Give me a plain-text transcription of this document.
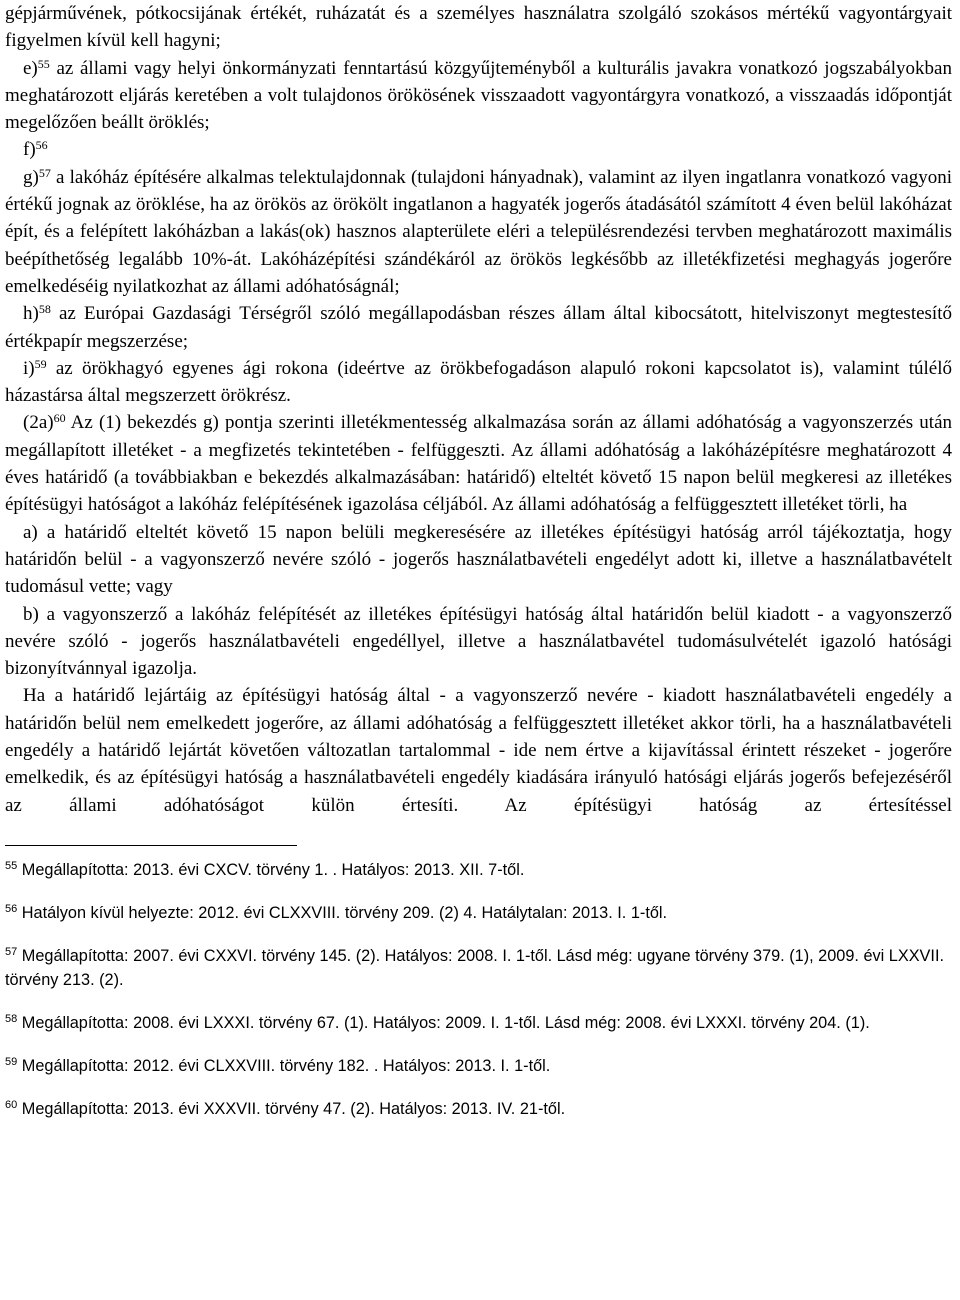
gépjárművének, pótkocsijának értékét, ruházatát és a személyes használatra szolgáló szokásos mértékű vagyontárgyait figyelmen kívül kell hagyni;

e)$^{55}$ az állami vagy helyi önkormányzati fenntartású közgyűjteményből a kulturális javakra vonatkozó jogszabályokban meghatározott eljárás keretében a volt tulajdonos örökösének visszaadott vagyontárgyra vonatkozó, a visszaadás időpontját megelőzően beállt öröklés;

f)$^{56}$

g)$^{57}$ a lakóház építésére alkalmas telektulajdonnak (tulajdoni hányadnak), valamint az ilyen ingatlanra vonatkozó vagyoni értékű jognak az öröklése, ha az örökös az örökölt ingatlanon a hagyaték jogerős átadásától számított 4 éven belül lakóházat épít, és a felépített lakóházban a lakás(ok) hasznos alapterülete eléri a településrendezési tervben meghatározott maximális beépíthetőség legalább 10%-át. Lakóházépítési szándékáról az örökös legkésőbb az illetékfizetési meghagyás jogerőre emelkedéséig nyilatkozhat az állami adóhatóságnál;

h)$^{58}$ az Európai Gazdasági Térségről szóló megállapodásban részes állam által kibocsátott, hitelviszonyt megtestesítő értékpapír megszerzése;

i)$^{59}$ az örökhagyó egyenes ági rokona (ideértve az örökbefogadáson alapuló rokoni kapcsolatot is), valamint túlélő házastársa által megszerzett örökrész.

$(2a)^{60}$ Az (1) bekezdés g) pontja szerinti illetékmentesség alkalmazása során az állami adóhatóság a vagyonszerzés után megállapított illetéket - a megfizetés tekintetében - felfüggeszti. Az állami adóhatóság a lakóházépítésre meghatározott 4 éves határidő (a továbbiakban e bekezdés alkalmazásában: határidő) elteltét követő 15 napon belül megkeresi az illetékes építésügyi hatóságot a lakóház felépítésének igazolása céljából. Az állami adóhatóság a felfüggesztett illetéket törli, ha

a) a határidő elteltét követő 15 napon belüli megkeresésére az illetékes építésügyi hatóság arról tájékoztatja, hogy határidőn belül - a vagyonszerző nevére szóló - jogerős használatbavételi engedélyt adott ki, illetve a használatbavételt tudomásul vette; vagy

b) a vagyonszerző a lakóház felépítését az illetékes építésügyi hatóság által határidőn belül kiadott - a vagyonszerző nevére szóló - jogerős használatbavételi engedéllyel, illetve a használatbavétel tudomásulvételét igazoló hatósági bizonyítvánnyal igazolja.

Ha a határidő lejártáig az építésügyi hatóság által - a vagyonszerző nevére - kiadott használatbavételi engedély a határidőn belül nem emelkedett jogerőre, az állami adóhatóság a felfüggesztett illetéket akkor törli, ha a használatbavételi engedély a határidő lejártát követően változatlan tartalommal - ide nem értve a kijavítással érintett részeket - jogerőre emelkedik, és az építésügyi hatóság a használatbavételi engedély kiadására irányuló hatósági eljárás jogerős befejezéséről az állami adóhatóságot külön értesíti. Az építésügyi hatóság az értesítéssel

$^{55}$ Megállapította: 2013. évi CXCV. törvény 1. . Hatályos: 2013. XII. 7-től.

$^{56}$ Hatályon kívül helyezte: 2012. évi CLXXVIII. törvény 209. (2) 4. Hatálytalan: 2013. I. 1-től.

$^{57}$ Megállapította: 2007. évi CXXVI. törvény 145. (2). Hatályos: 2008. I. 1-től. Lásd még: ugyane törvény 379. (1), 2009. évi LXXVII. törvény 213. (2).

$^{58}$ Megállapította: 2008. évi LXXXI. törvény 67. (1). Hatályos: 2009. I. 1-től. Lásd még: 2008. évi LXXXI. törvény 204. (1).

$^{59}$ Megállapította: 2012. évi CLXXVIII. törvény 182. . Hatályos: 2013. I. 1-től.

$^{60}$ Megállapította: 2013. évi XXXVII. törvény 47. (2). Hatályos: 2013. IV. 21-től.
